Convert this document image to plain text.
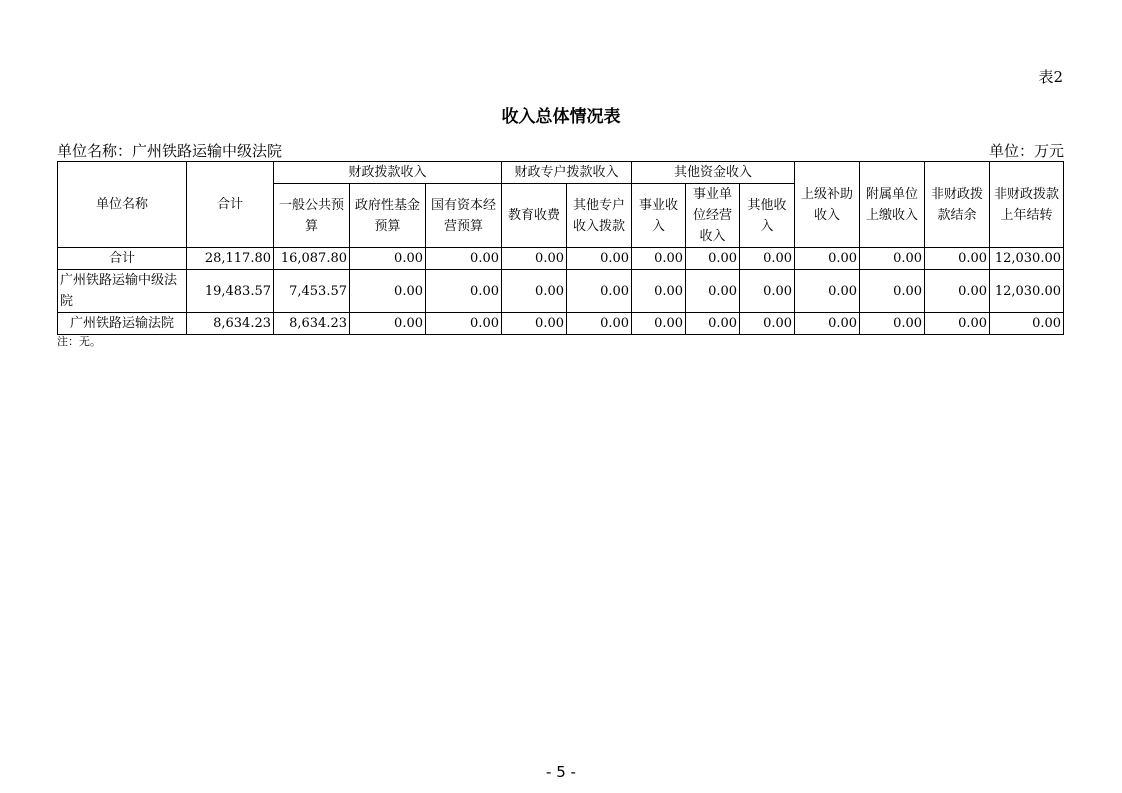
表2
收入总体情况表
单位名称：广州铁路运输中级法院	单位：万元
单位名称	合计	财政拨款收入			财政专户拨款收入		其他资金收入			上级补助收入	附属单位上缴收入	非财政拨款结余	非财政拨款上年结转
		一般公共预算	政府性基金预算	国有资本经营预算	教育收费	其他专户收入拨款	事业收入	事业单位经营收入	其他收入				
合计	28,117.80	16,087.80	0.00	0.00	0.00	0.00	0.00	0.00	0.00	0.00	0.00	0.00	12,030.00
广州铁路运输中级法院	19,483.57	7,453.57	0.00	0.00	0.00	0.00	0.00	0.00	0.00	0.00	0.00	0.00	12,030.00
广州铁路运输法院	8,634.23	8,634.23	0.00	0.00	0.00	0.00	0.00	0.00	0.00	0.00	0.00	0.00	0.00
注：无。
- 5 -
